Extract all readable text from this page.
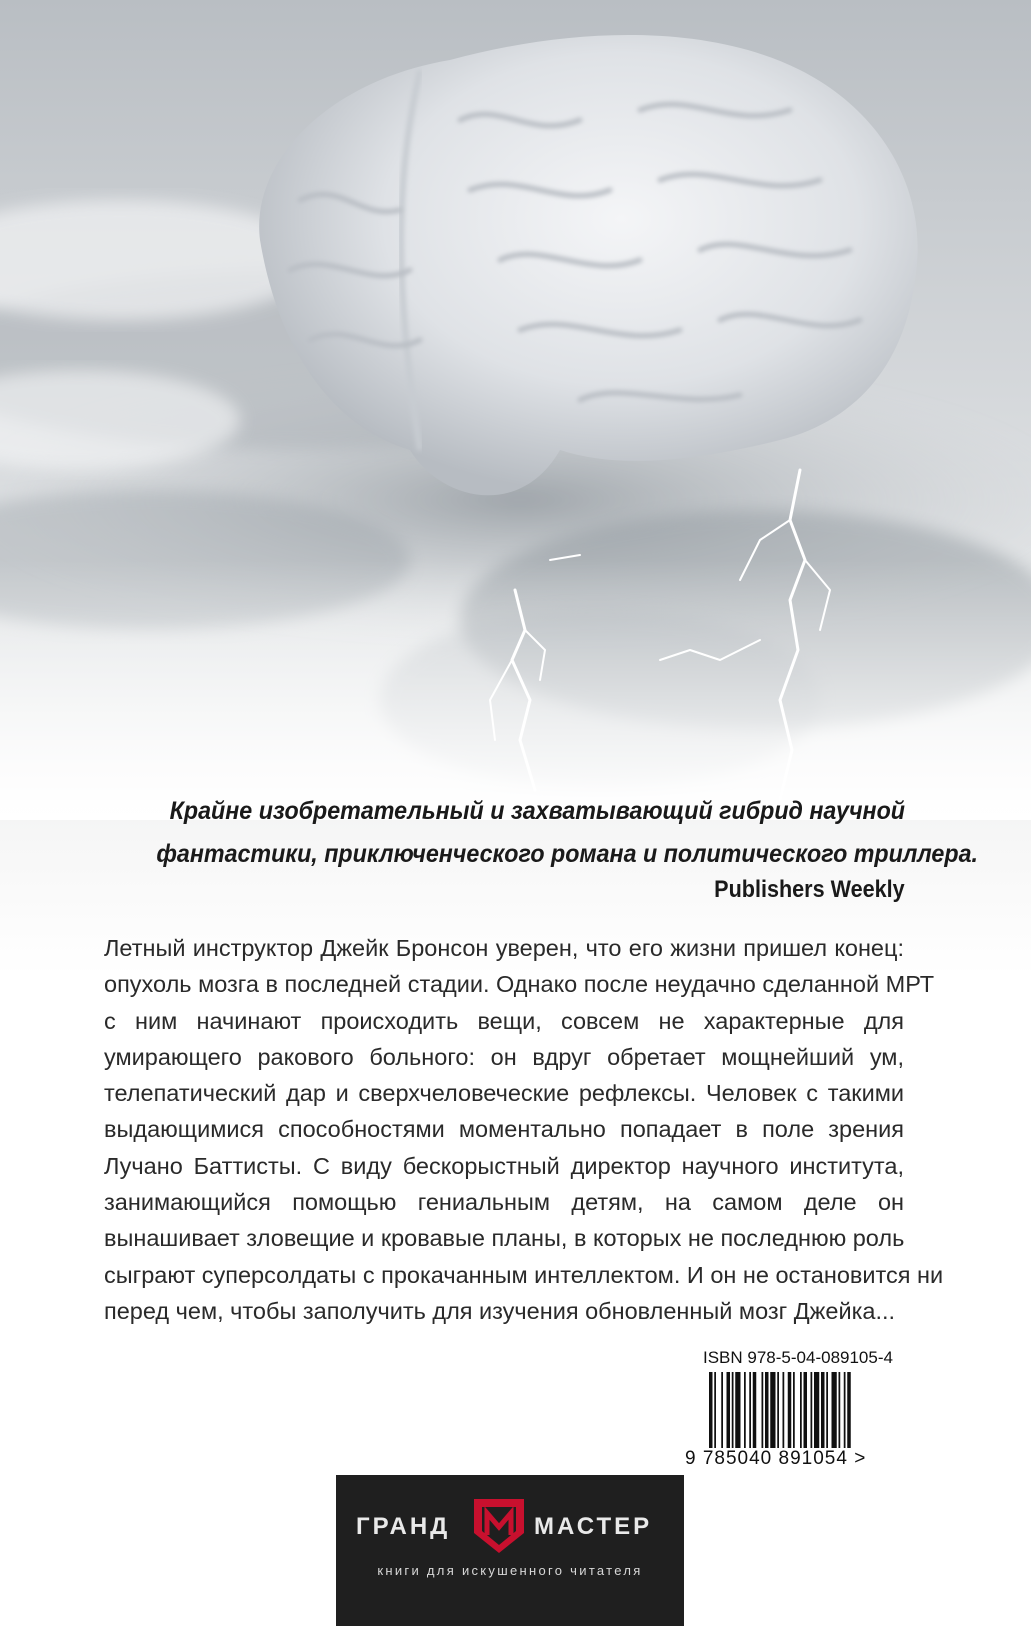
Крайне изобретательный и захватывающий гибрид научной
фантастики, приключенческого романа и политического триллера.
Publishers Weekly
Летный инструктор Джейк Бронсон уверен, что его жизни пришел конец:
опухоль мозга в последней стадии. Однако после неудачно сделанной МРТ
с ним начинают происходить вещи, совсем не характерные для
умирающего ракового больного: он вдруг обретает мощнейший ум,
телепатический дар и сверхчеловеческие рефлексы. Человек с такими
выдающимися способностями моментально попадает в поле зрения
Лучано Баттисты. С виду бескорыстный директор научного института,
занимающийся помощью гениальным детям, на самом деле он
вынашивает зловещие и кровавые планы, в которых не последнюю роль
сыграют суперсолдаты с прокачанным интеллектом. И он не остановится ни
перед чем, чтобы заполучить для изучения обновленный мозг Джейка...
ISBN 978-5-04-089105-4
9 785040 891054 >
ГРАНД	МАСТЕР
книги для искушенного читателя
